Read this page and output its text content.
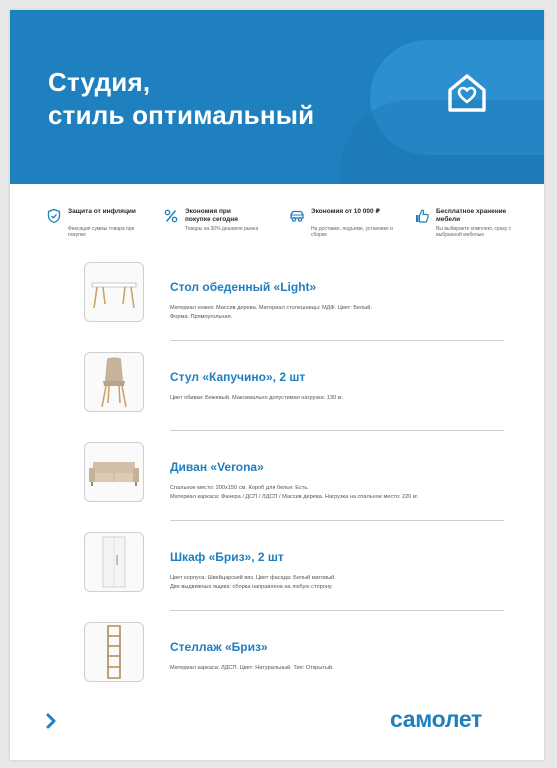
Студия,
стиль оптимальный
Защита от инфляции
Фиксация суммы товара при покупке
Экономия при покупке сегодня
Товары на 30% дешевле рынка
Экономия от 10 000 ₽
На доставке, подъеме, установке и сборке
Бесплатное хранение мебели
Вы выбираете комплект, сразу с выбранной мебелью
Стол обеденный «Light»
Материал ножек: Массив дерева. Материал столешницы: МДФ. Цвет: Белый.
Форма: Прямоугольная.
Стул «Капучино», 2 шт
Цвет обивки: Бежевый. Максимально допустимая нагрузка: 130 кг.
Диван «Verona»
Спальное место: 200х150 см. Короб для белья: Есть.
Материал каркаса: Фанера / ДСП / ЛДСП / Массив дерева. Нагрузка на спальное место: 220 кг.
Шкаф «Бриз», 2 шт
Цвет корпуса: Швейцарский вяз. Цвет фасада: Белый матовый.
Две выдвижных ящика: сборка направлена на любую сторону.
Стеллаж «Бриз»
Материал каркаса: ЛДСП. Цвет: Натуральный. Тип: Открытый.
самолет
